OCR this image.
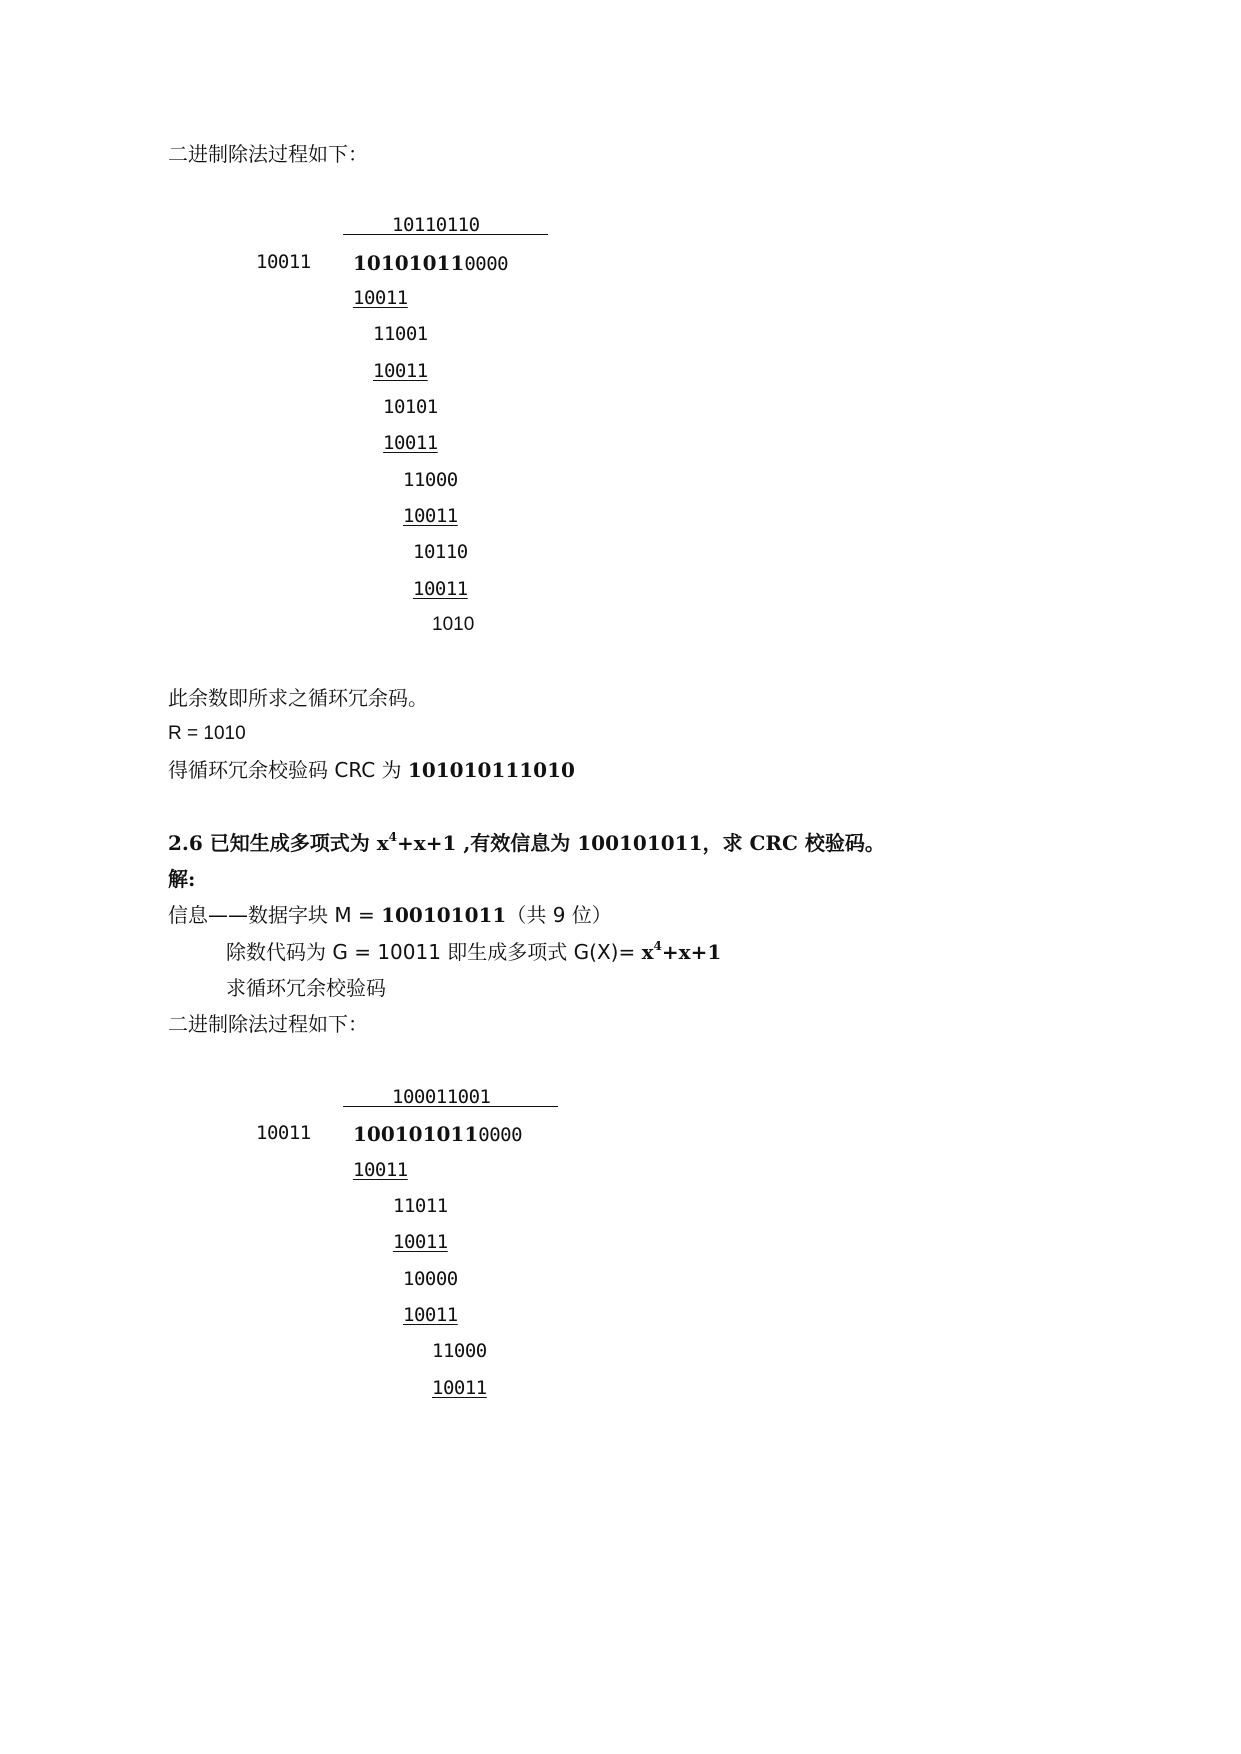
二进制除法过程如下：
10110110
10011 101010110000
10011
11001
10011
10101
10011
11000
10011
10110
10011
1010
此余数即所求之循环冗余码。
R = 1010
得循环冗余校验码 CRC 为 101010111010
2.6 已知生成多项式为 $x^4+x+1$ ,有效信息为 100101011，求 CRC 校验码。
解:
信息——数据字块 M = 100101011（共 9 位）
除数代码为 G = 10011 即生成多项式 $G(X)= x^4+x+1$
求循环冗余校验码
二进制除法过程如下：
100011001
10011 1001010110000
10011
11011
10011
10000
10011
11000
10011
